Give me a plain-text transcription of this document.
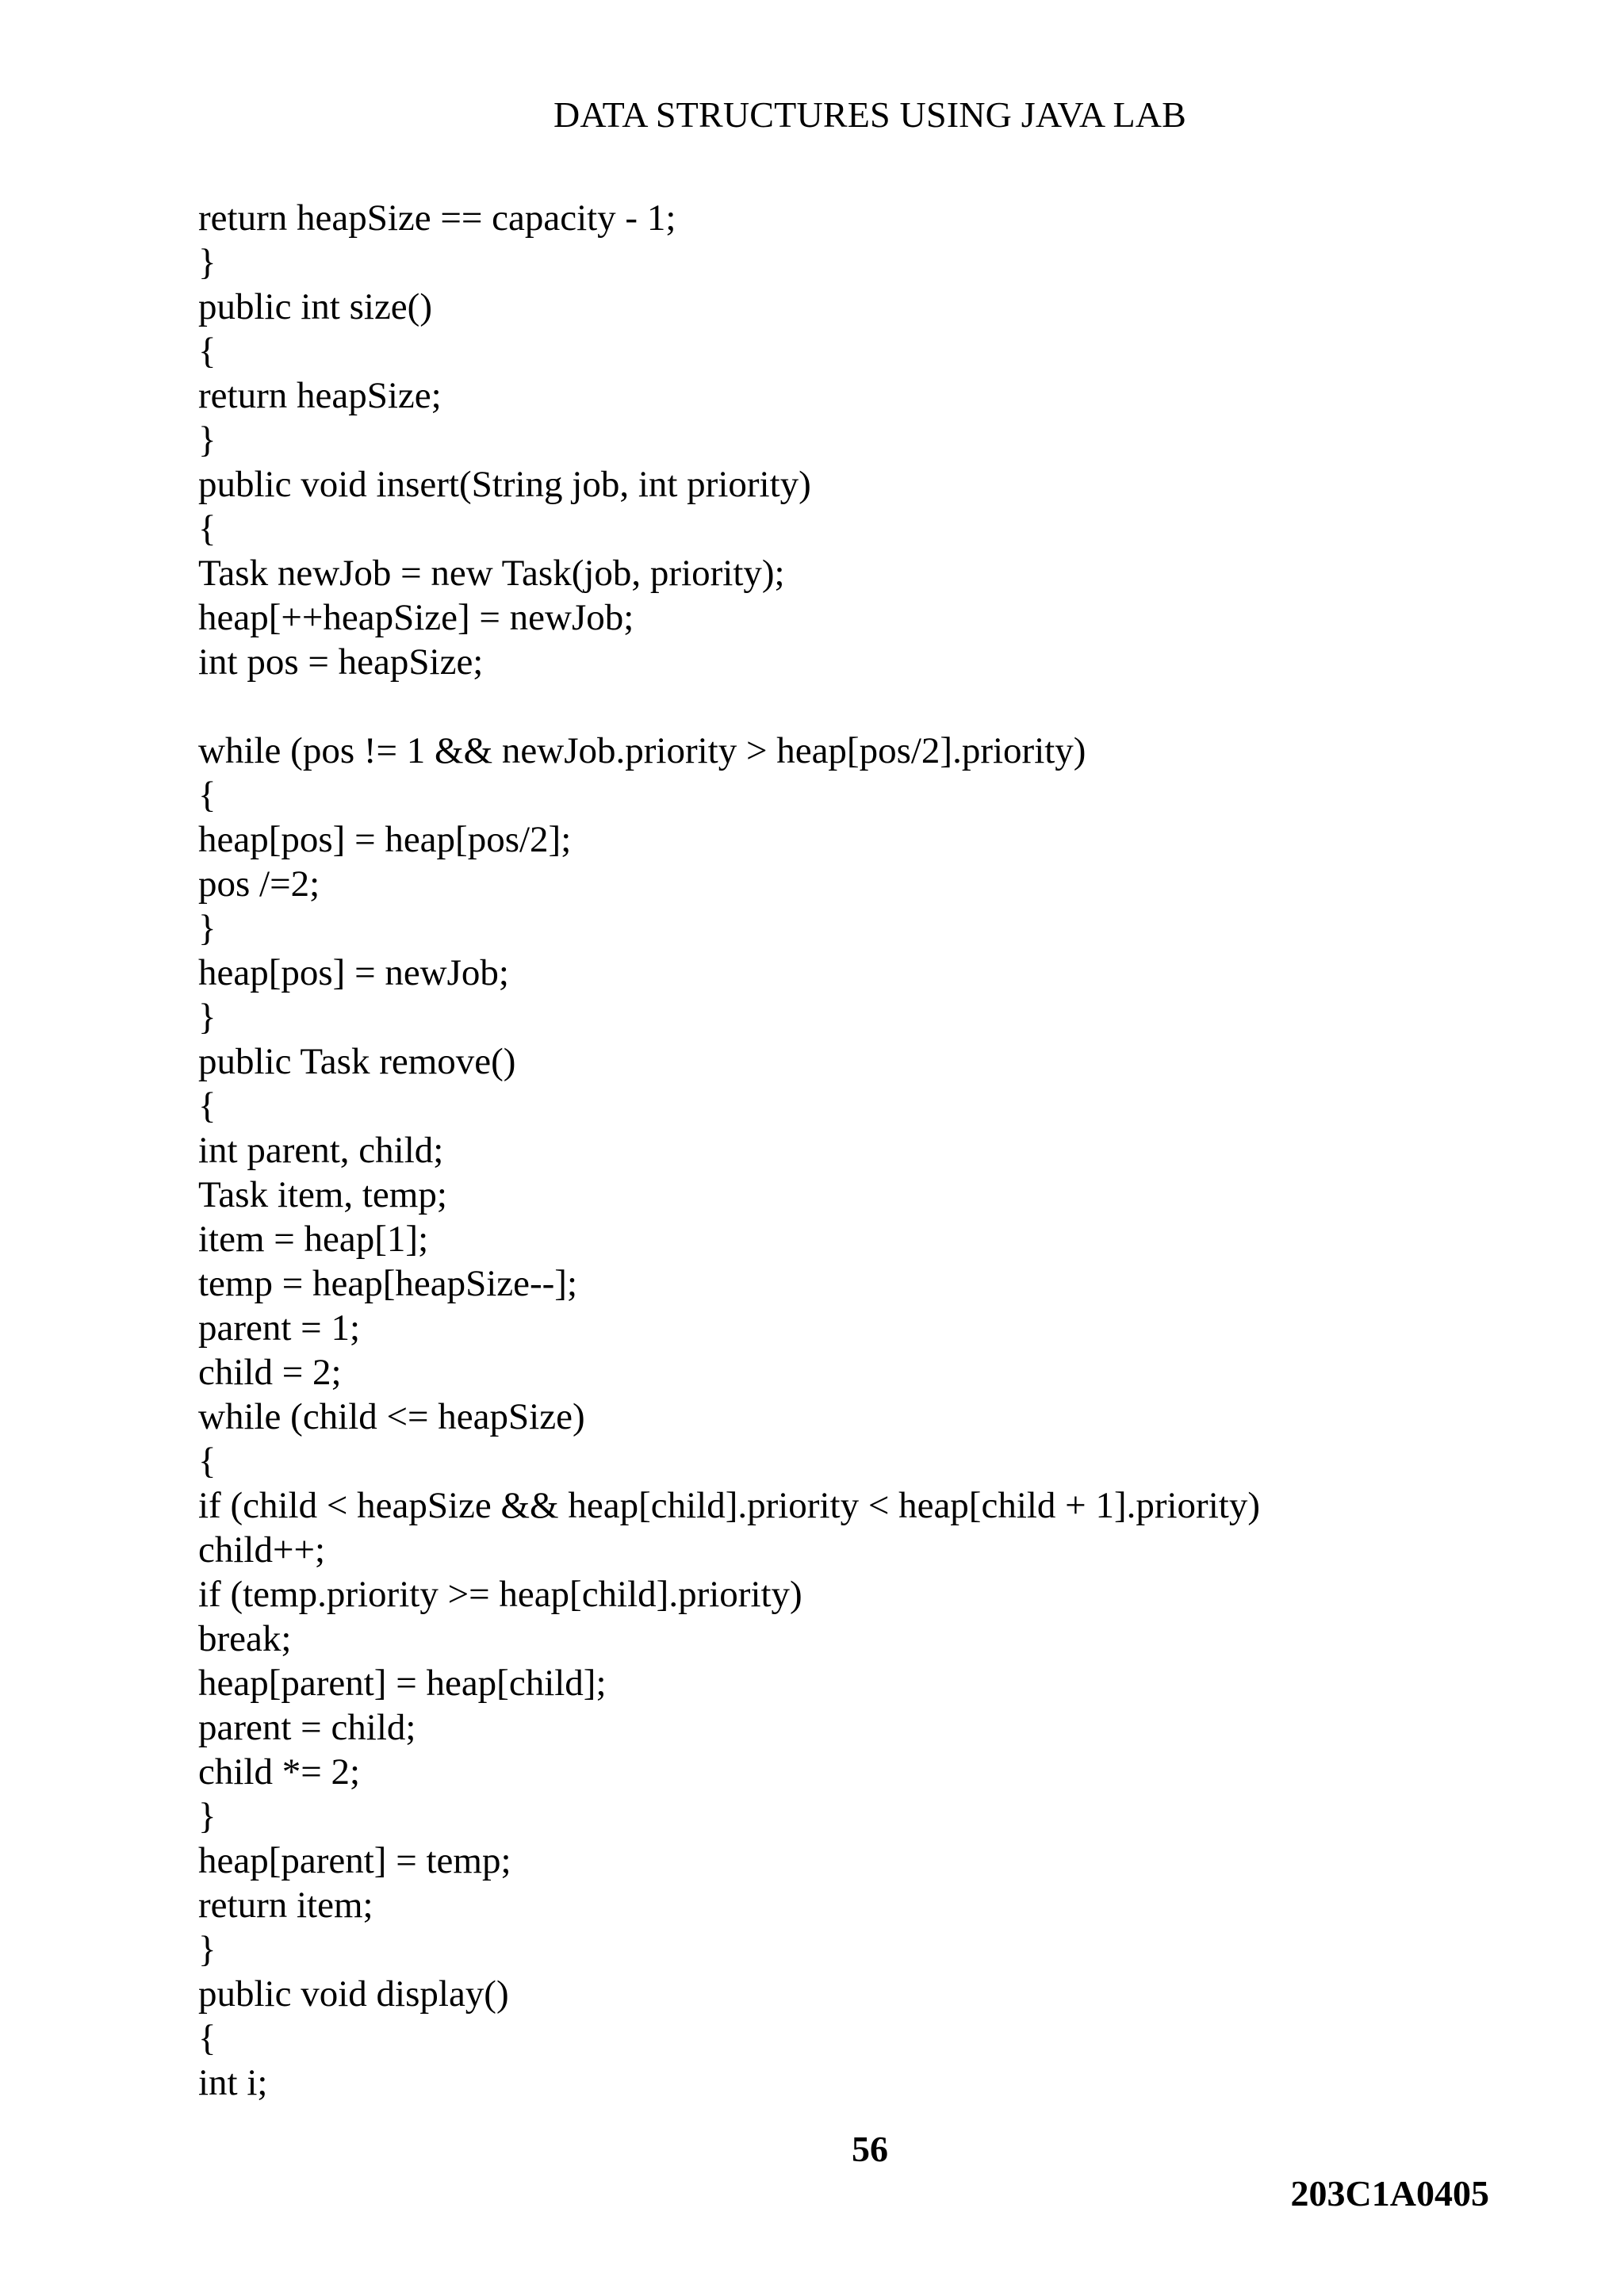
DATA STRUCTURES USING JAVA LAB
return heapSize == capacity - 1;
}
public int size()
{
return heapSize;
}
public void insert(String job, int priority)
{
Task newJob = new Task(job, priority);
heap[++heapSize] = newJob;
int pos = heapSize;
while (pos != 1 && newJob.priority > heap[pos/2].priority)
{
heap[pos] = heap[pos/2];
pos /=2;
}
heap[pos] = newJob;
}
public Task remove()
{
int parent, child;
Task item, temp;
item = heap[1];
temp = heap[heapSize--];
parent = 1;
child = 2;
while (child <= heapSize)
{
if (child < heapSize && heap[child].priority < heap[child + 1].priority)
child++;
if (temp.priority >= heap[child].priority)
break;
heap[parent] = heap[child];
parent = child;
child *= 2;
}
heap[parent] = temp;
return item;
}
public void display()
{
int i;
56
203C1A0405
